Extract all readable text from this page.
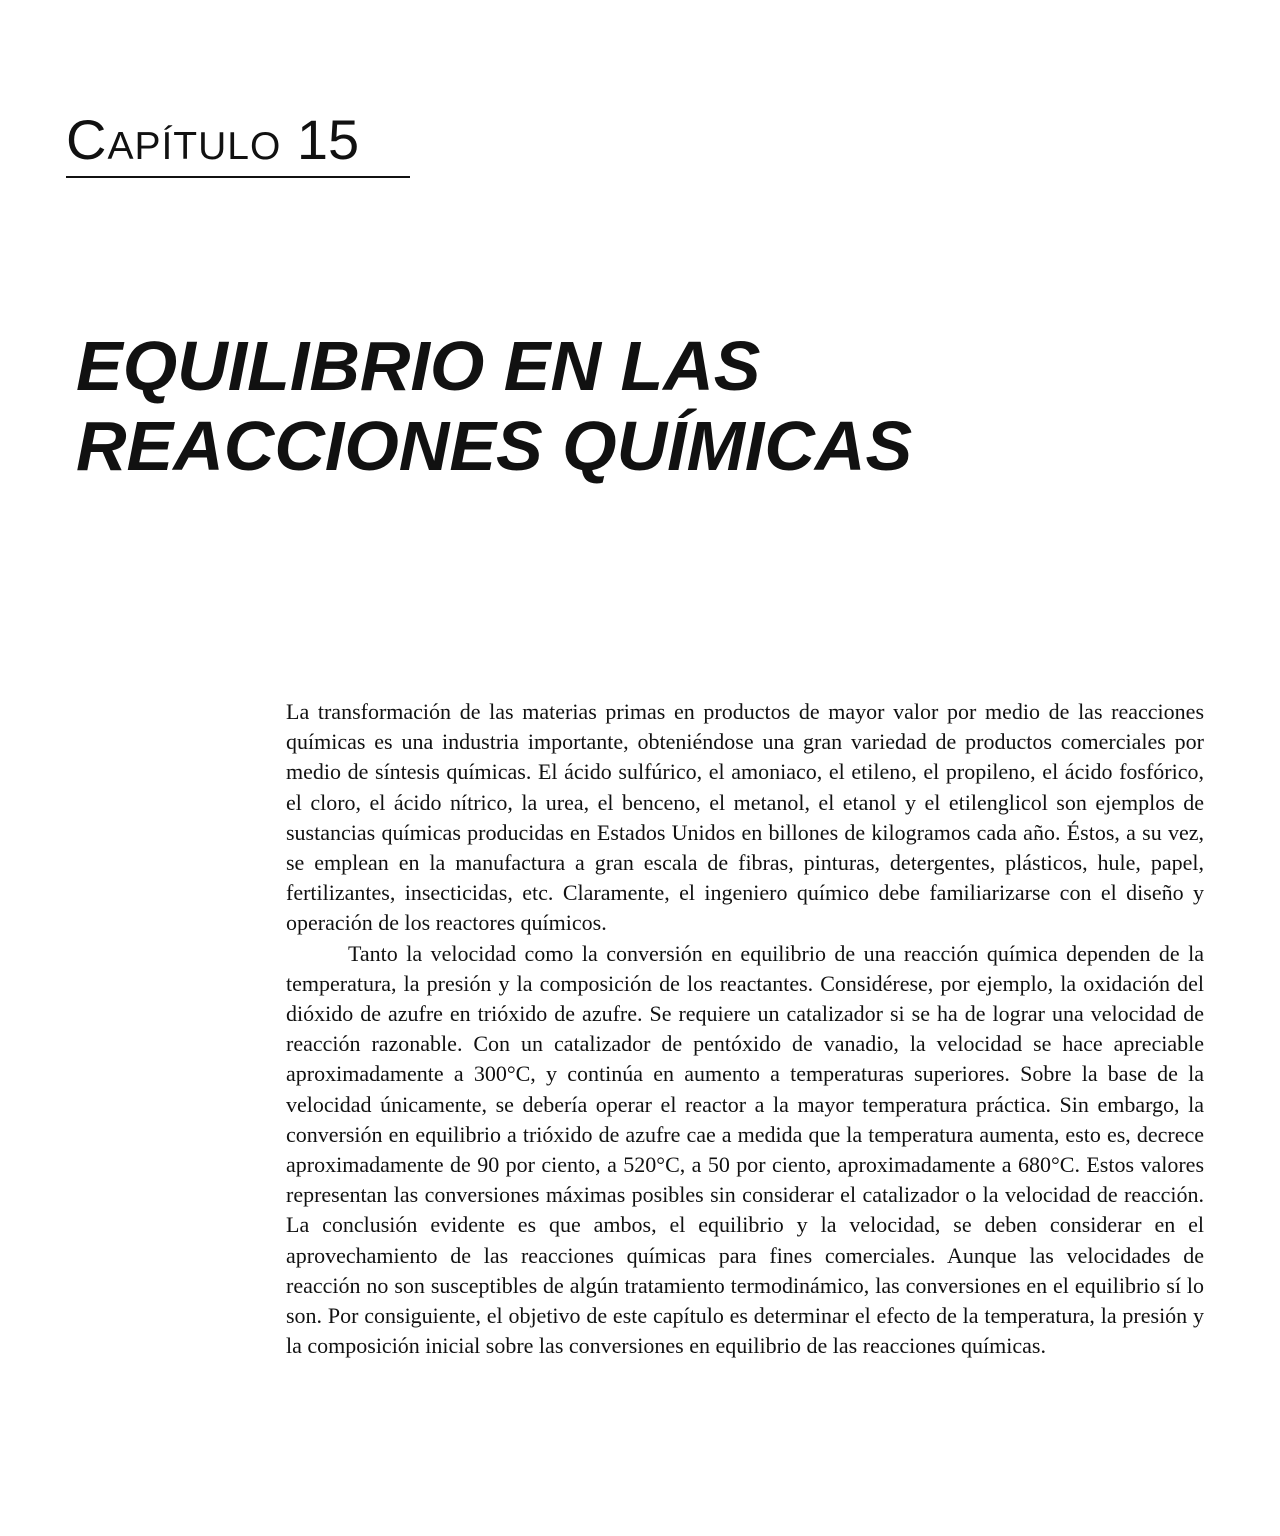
Capítulo 15
EQUILIBRIO EN LAS
REACCIONES QUÍMICAS

La transformación de las materias primas en productos de mayor valor por medio de las reacciones químicas es una industria importante, obteniéndose una gran variedad de productos comerciales por medio de síntesis químicas. El ácido sulfúrico, el amoniaco, el etileno, el propileno, el ácido fosfórico, el cloro, el ácido nítrico, la urea, el benceno, el metanol, el etanol y el etilenglicol son ejemplos de sustancias químicas producidas en Estados Unidos en billones de kilogramos cada año. Éstos, a su vez, se emplean en la manufactura a gran escala de fibras, pinturas, detergentes, plásticos, hule, papel, fertilizantes, insecticidas, etc. Claramente, el ingeniero químico debe familiarizarse con el diseño y operación de los reactores químicos.

Tanto la velocidad como la conversión en equilibrio de una reacción química dependen de la temperatura, la presión y la composición de los reactantes. Considérese, por ejemplo, la oxidación del dióxido de azufre en trióxido de azufre. Se requiere un catalizador si se ha de lograr una velocidad de reacción razonable. Con un catalizador de pentóxido de vanadio, la velocidad se hace apreciable aproximadamente a 300°C, y continúa en aumento a temperaturas superiores. Sobre la base de la velocidad únicamente, se debería operar el reactor a la mayor temperatura práctica. Sin embargo, la conversión en equilibrio a trióxido de azufre cae a medida que la temperatura aumenta, esto es, decrece aproximadamente de 90 por ciento, a 520°C, a 50 por ciento, aproximadamente a 680°C. Estos valores representan las conversiones máximas posibles sin considerar el catalizador o la velocidad de reacción. La conclusión evidente es que ambos, el equilibrio y la velocidad, se deben considerar en el aprovechamiento de las reacciones químicas para fines comerciales. Aunque las velocidades de reacción no son susceptibles de algún tratamiento termodinámico, las conversiones en el equilibrio sí lo son. Por consiguiente, el objetivo de este capítulo es determinar el efecto de la temperatura, la presión y la composición inicial sobre las conversiones en equilibrio de las reacciones químicas.
